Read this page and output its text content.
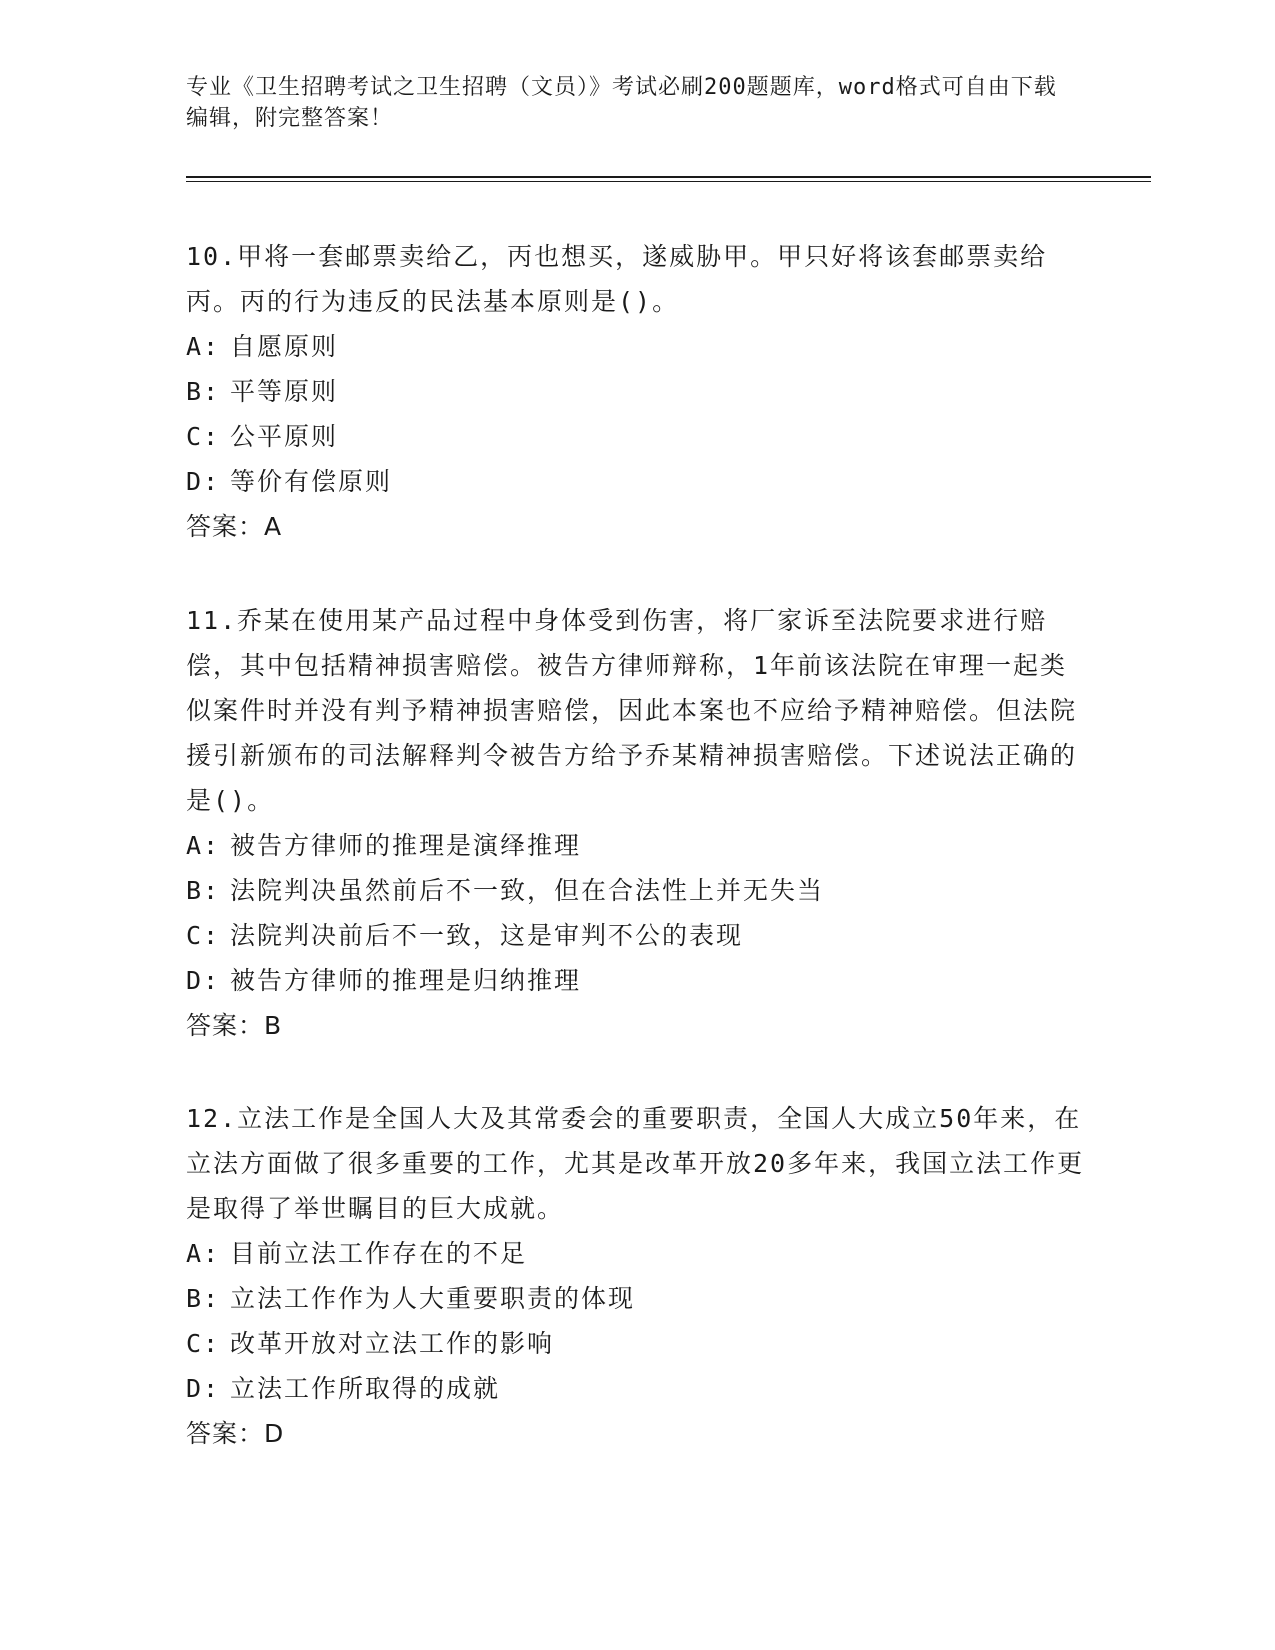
专业《卫生招聘考试之卫生招聘（文员）》考试必刷200题题库，word格式可自由下载编辑，附完整答案！
10.甲将一套邮票卖给乙，丙也想买，遂威胁甲。甲只好将该套邮票卖给丙。丙的行为违反的民法基本原则是()。
A: 自愿原则
B: 平等原则
C: 公平原则
D: 等价有偿原则
答案：A
11.乔某在使用某产品过程中身体受到伤害，将厂家诉至法院要求进行赔偿，其中包括精神损害赔偿。被告方律师辩称，1年前该法院在审理一起类似案件时并没有判予精神损害赔偿，因此本案也不应给予精神赔偿。但法院援引新颁布的司法解释判令被告方给予乔某精神损害赔偿。下述说法正确的是()。
A: 被告方律师的推理是演绎推理
B: 法院判决虽然前后不一致，但在合法性上并无失当
C: 法院判决前后不一致，这是审判不公的表现
D: 被告方律师的推理是归纳推理
答案：B
12.立法工作是全国人大及其常委会的重要职责，全国人大成立50年来，在立法方面做了很多重要的工作，尤其是改革开放20多年来，我国立法工作更是取得了举世瞩目的巨大成就。
A: 目前立法工作存在的不足
B: 立法工作作为人大重要职责的体现
C: 改革开放对立法工作的影响
D: 立法工作所取得的成就
答案：D
